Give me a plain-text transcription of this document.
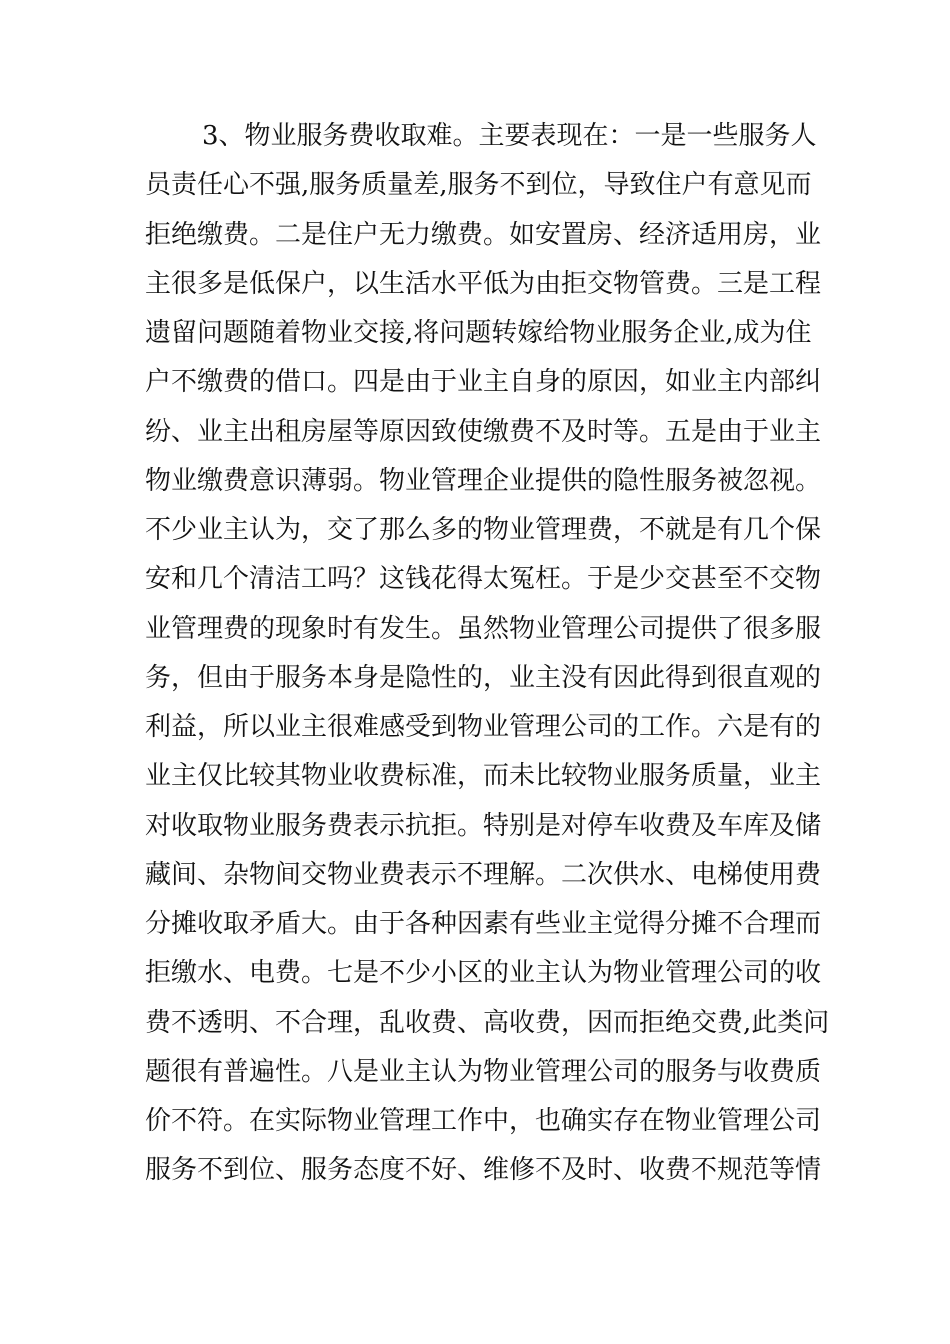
3、物业服务费收取难。主要表现在：一是一些服务人
员责任心不强,服务质量差,服务不到位，导致住户有意见而
拒绝缴费。二是住户无力缴费。如安置房、经济适用房，业
主很多是低保户，以生活水平低为由拒交物管费。三是工程
遗留问题随着物业交接,将问题转嫁给物业服务企业,成为住
户不缴费的借口。四是由于业主自身的原因，如业主内部纠
纷、业主出租房屋等原因致使缴费不及时等。五是由于业主
物业缴费意识薄弱。物业管理企业提供的隐性服务被忽视。
不少业主认为，交了那么多的物业管理费，不就是有几个保
安和几个清洁工吗？这钱花得太冤枉。于是少交甚至不交物
业管理费的现象时有发生。虽然物业管理公司提供了很多服
务，但由于服务本身是隐性的，业主没有因此得到很直观的
利益，所以业主很难感受到物业管理公司的工作。六是有的
业主仅比较其物业收费标准，而未比较物业服务质量，业主
对收取物业服务费表示抗拒。特别是对停车收费及车库及储
藏间、杂物间交物业费表示不理解。二次供水、电梯使用费
分摊收取矛盾大。由于各种因素有些业主觉得分摊不合理而
拒缴水、电费。七是不少小区的业主认为物业管理公司的收
费不透明、不合理，乱收费、高收费，因而拒绝交费,此类问
题很有普遍性。八是业主认为物业管理公司的服务与收费质
价不符。在实际物业管理工作中，也确实存在物业管理公司
服务不到位、服务态度不好、维修不及时、收费不规范等情
